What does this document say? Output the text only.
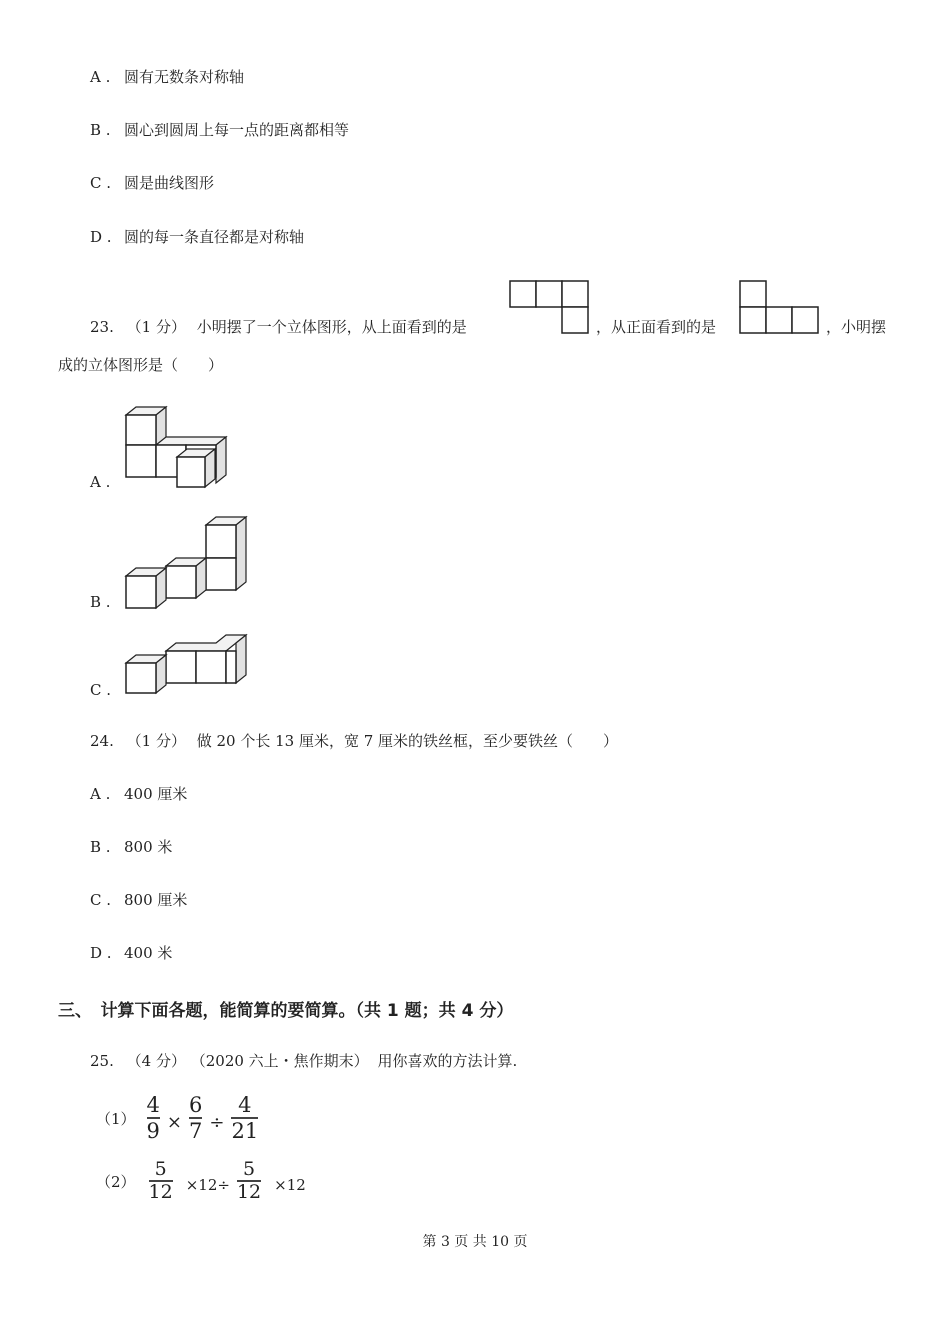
A . 圆有无数条对称轴
B . 圆心到圆周上每一点的距离都相等
C . 圆是曲线图形
D . 圆的每一条直径都是对称轴
23. （1 分） 小明摆了一个立体图形，从上面看到的是	，从正面看到的是	，小明摆
成的立体图形是（　　）
A .
B .
C .
24. （1 分） 做 20 个长 13 厘米，宽 7 厘米的铁丝框，至少要铁丝（　　）
A . 400 厘米
B . 800 米
C . 800 厘米
D . 400 米
三、　计算下面各题，能简算的要简算。（共 1 题；共 4 分）
25. （4 分） （2020 六上・焦作期末） 用你喜欢的方法计算.
$(1) \frac{4}{9} \times \frac{6}{7} \div \frac{4}{21}$
$(2) \frac{5}{12} \times 12\div \frac{5}{12} \times 12$
第 3 页 共 10 页
